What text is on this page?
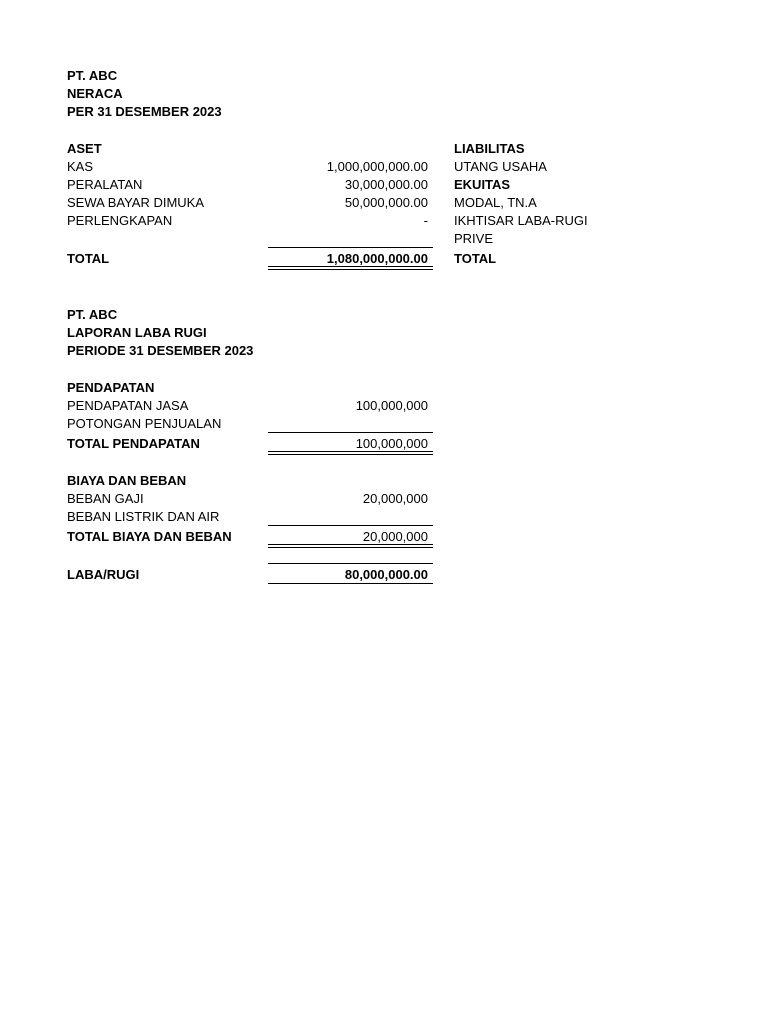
PT. ABC
NERACA
PER 31 DESEMBER 2023
ASET
KAS	1,000,000,000.00
PERALATAN	30,000,000.00
SEWA BAYAR DIMUKA	50,000,000.00
PERLENGKAPAN	-
TOTAL	1,080,000,000.00
LIABILITAS
UTANG USAHA
EKUITAS
MODAL, TN.A
IKHTISAR LABA-RUGI
PRIVE
TOTAL
PT. ABC
LAPORAN LABA RUGI
PERIODE 31 DESEMBER 2023
PENDAPATAN
PENDAPATAN JASA	100,000,000
POTONGAN PENJUALAN
TOTAL PENDAPATAN	100,000,000
BIAYA DAN BEBAN
BEBAN GAJI	20,000,000
BEBAN LISTRIK DAN AIR
TOTAL BIAYA DAN BEBAN	20,000,000
LABA/RUGI	80,000,000.00
